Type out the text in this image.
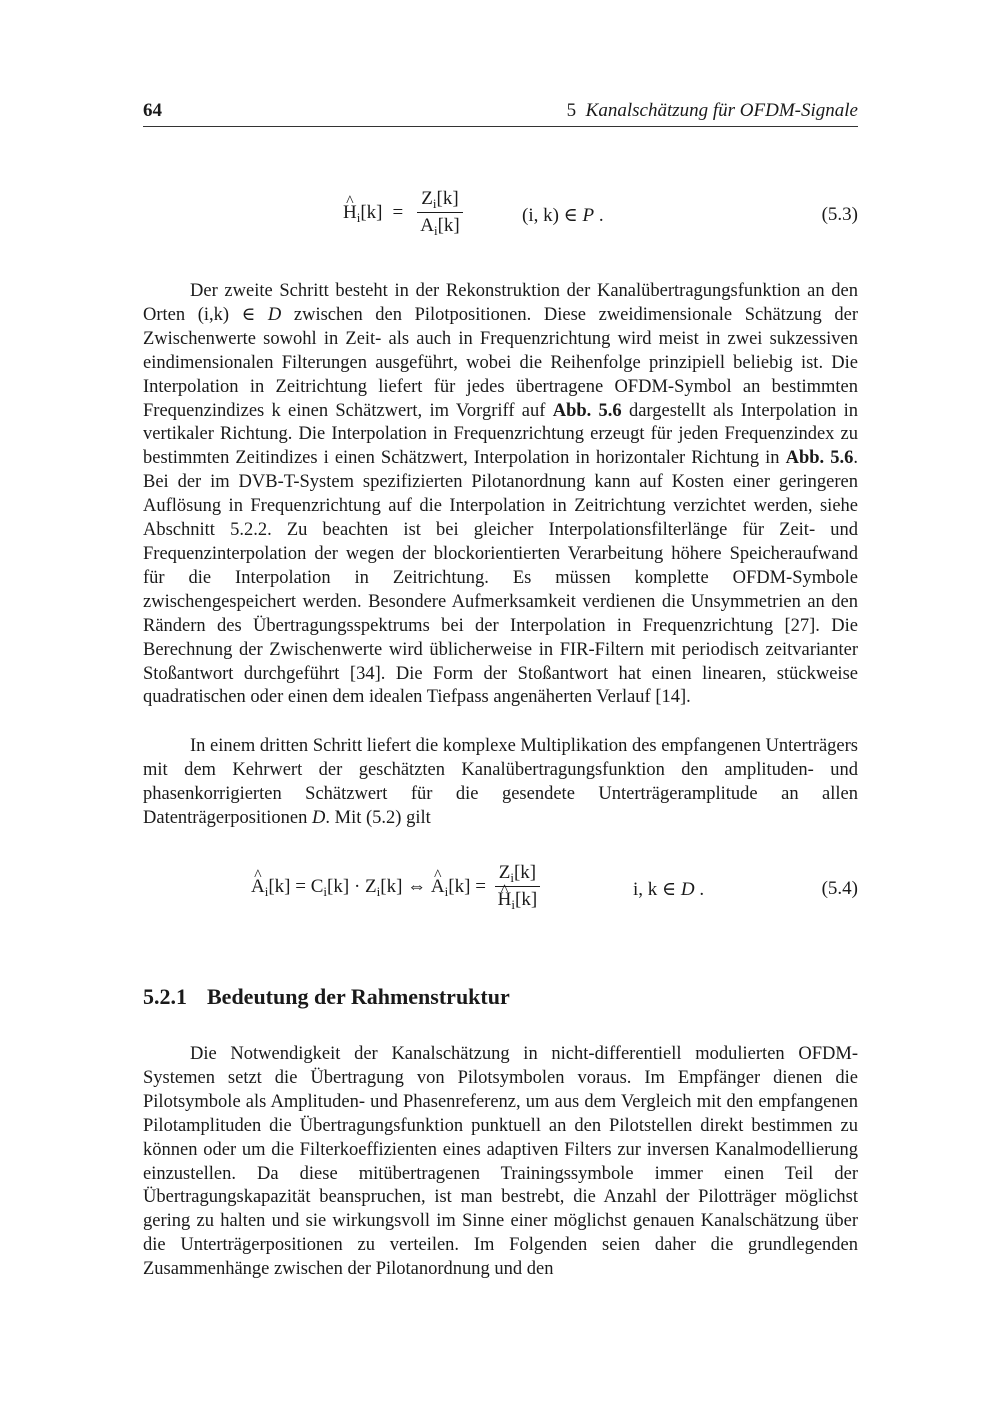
64	5 Kanalschätzung für OFDM-Signale
^ $H_i[k] = \frac{Z_i[k]}{A_i[k]}$	(i, k) ∈ P .	(5.3)

Der zweite Schritt besteht in der Rekonstruktion der Kanalübertragungsfunktion an den Orten (i,k) ∈ D zwischen den Pilotpositionen. Diese zweidimensionale Schätzung der Zwischenwerte sowohl in Zeit- als auch in Frequenzrichtung wird meist in zwei sukzessiven eindimensionalen Filterungen ausgeführt, wobei die Reihenfolge prinzipiell beliebig ist. Die Interpolation in Zeitrichtung liefert für jedes übertragene OFDM-Symbol an bestimmten Frequenzindizes k einen Schätzwert, im Vorgriff auf Abb. 5.6 dargestellt als Interpolation in vertikaler Richtung. Die Interpolation in Frequenzrichtung erzeugt für jeden Frequenzindex zu bestimmten Zeitindizes i einen Schätzwert, Interpolation in horizontaler Richtung in Abb. 5.6. Bei der im DVB-T-System spezifizierten Pilotanordnung kann auf Kosten einer geringeren Auflösung in Frequenzrichtung auf die Interpolation in Zeitrichtung verzichtet werden, siehe Abschnitt 5.2.2. Zu beachten ist bei gleicher Interpolationsfilterlänge für Zeit- und Frequenzinterpolation der wegen der blockorientierten Verarbeitung höhere Speicheraufwand für die Interpolation in Zeitrichtung. Es müssen komplette OFDM-Symbole zwischengespeichert werden. Besondere Aufmerksamkeit verdienen die Unsymmetrien an den Rändern des Übertragungsspektrums bei der Interpolation in Frequenzrichtung [27]. Die Berechnung der Zwischenwerte wird üblicherweise in FIR-Filtern mit periodisch zeitvarianter Stoßantwort durchgeführt [34]. Die Form der Stoßantwort hat einen linearen, stückweise quadratischen oder einen dem idealen Tiefpass angenäherten Verlauf [14].

In einem dritten Schritt liefert die komplexe Multiplikation des empfangenen Unterträgers mit dem Kehrwert der geschätzten Kanalübertragungsfunktion den amplituden- und phasenkorrigierten Schätzwert für die gesendete Unterträgeramplitude an allen Datenträgerpositionen D. Mit (5.2) gilt

^ $A_i[k] = C_i[k] \cdot Z_i[k]$ ⇔
^ $A_i[k] = Z_i[k]$
^ $H_i[k]$	i, k ∈ D .	(5.4)
5.2.1 Bedeutung der Rahmenstruktur

Die Notwendigkeit der Kanalschätzung in nicht-differentiell modulierten OFDM-Systemen setzt die Übertragung von Pilotsymbolen voraus. Im Empfänger dienen die Pilotsymbole als Amplituden- und Phasenreferenz, um aus dem Vergleich mit den empfangenen Pilotamplituden die Übertragungsfunktion punktuell an den Pilotstellen direkt bestimmen zu können oder um die Filterkoeffizienten eines adaptiven Filters zur inversen Kanalmodellierung einzustellen. Da diese mitübertragenen Trainingssymbole immer einen Teil der Übertragungskapazität beanspruchen, ist man bestrebt, die Anzahl der Pilotträger möglichst gering zu halten und sie wirkungsvoll im Sinne einer möglichst genauen Kanalschätzung über die Unterträgerpositionen zu verteilen. Im Folgenden seien daher die grundlegenden Zusammenhänge zwischen der Pilotanordnung und den
